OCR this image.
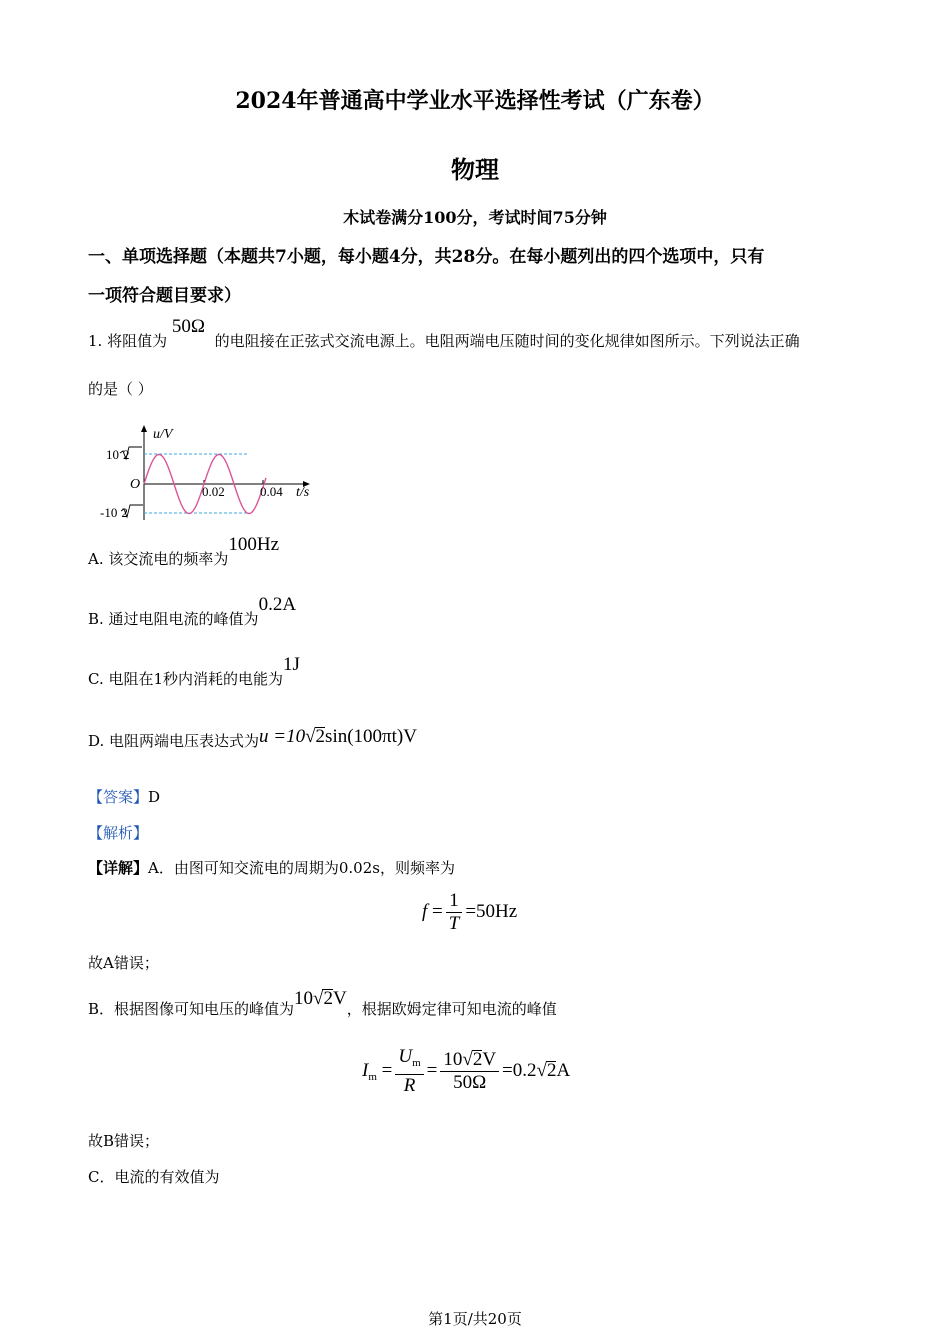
2024年普通高中学业水平选择性考试（广东卷）
物理
木试卷满分100分，考试时间75分钟
一、单项选择题（本题共7小题，每小题4分，共28分。在每小题列出的四个选项中，只有
一项符合题目要求）
1. 将阻值为 50Ω 的电阻接在正弦式交流电源上。电阻两端电压随时间的变化规律如图所示。下列说法正确
的是（ ）
u/V
t/s
O	0.02	0.04
10 2
-10 2
A. 该交流电的频率为100Hz
B. 通过电阻电流的峰值为0.2A
C. 电阻在1秒内消耗的电能为1J
D. 电阻两端电压表达式为u =10√2sin(100πt)V
【答案】D
【解析】
【详解】A．由图可知交流电的周期为0.02s，则频率为
$f = \frac{1}{T} =50Hz$
故A错误；
B．根据图像可知电压的峰值为10√2V，根据欧姆定律可知电流的峰值
$I_m = \frac{U_m}{R} = \frac{10√2V}{50\Omega} =0.2√2A$
故B错误；
C．电流的有效值为
第1页/共20页
